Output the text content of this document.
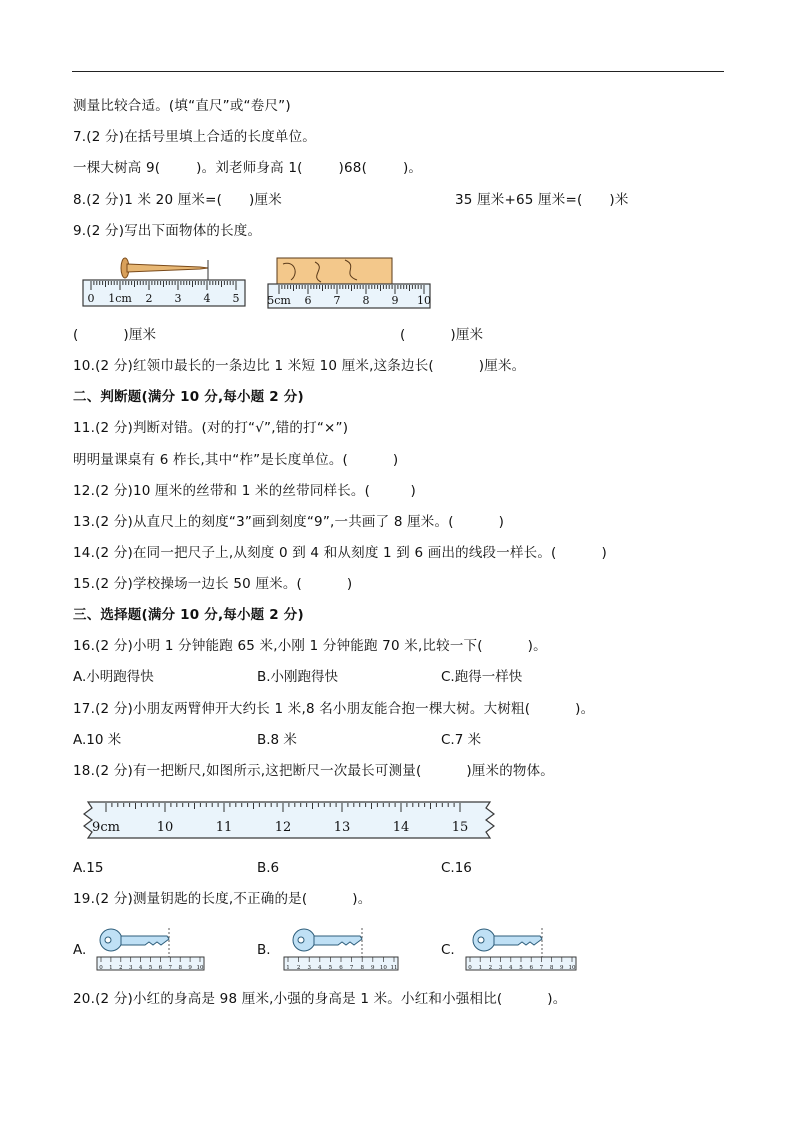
测量比较合适。(填“直尺”或“卷尺”)
7.(2 分)在括号里填上合适的长度单位。
一棵大树高 9(        )。刘老师身高 1(        )68(        )。
8.(2 分)1 米 20 厘米=(      )厘米	35 厘米+65 厘米=(      )米
9.(2 分)写出下面物体的长度。
0 1cm 2 3 4 5	5cm 6 7 8 9 10
(          )厘米	(          )厘米
10.(2 分)红领巾最长的一条边比 1 米短 10 厘米,这条边长(          )厘米。
二、判断题(满分 10 分,每小题 2 分)
11.(2 分)判断对错。(对的打“√”,错的打“×”)
明明量课桌有 6 柞长,其中“柞”是长度单位。(          )
12.(2 分)10 厘米的丝带和 1 米的丝带同样长。(         )
13.(2 分)从直尺上的刻度“3”画到刻度“9”,一共画了 8 厘米。(          )
14.(2 分)在同一把尺子上,从刻度 0 到 4 和从刻度 1 到 6 画出的线段一样长。(          )
15.(2 分)学校操场一边长 50 厘米。(          )
三、选择题(满分 10 分,每小题 2 分)
16.(2 分)小明 1 分钟能跑 65 米,小刚 1 分钟能跑 70 米,比较一下(          )。
A.小明跑得快	B.小刚跑得快	C.跑得一样快
17.(2 分)小朋友两臂伸开大约长 1 米,8 名小朋友能合抱一棵大树。大树粗(          )。
A.10 米	B.8 米	C.7 米
18.(2 分)有一把断尺,如图所示,这把断尺一次最长可测量(          )厘米的物体。
9cm	10	11	12	13	14	15
A.15	B.6	C.16
19.(2 分)测量钥匙的长度,不正确的是(          )。
A.
0 1 2 3 4 5 6 7 8 9 10
B.
1 2 3 4 5 6 7 8 9 10 11
C.
0 1 2 3 4 5 6 7 8 9 10
20.(2 分)小红的身高是 98 厘米,小强的身高是 1 米。小红和小强相比(          )。
